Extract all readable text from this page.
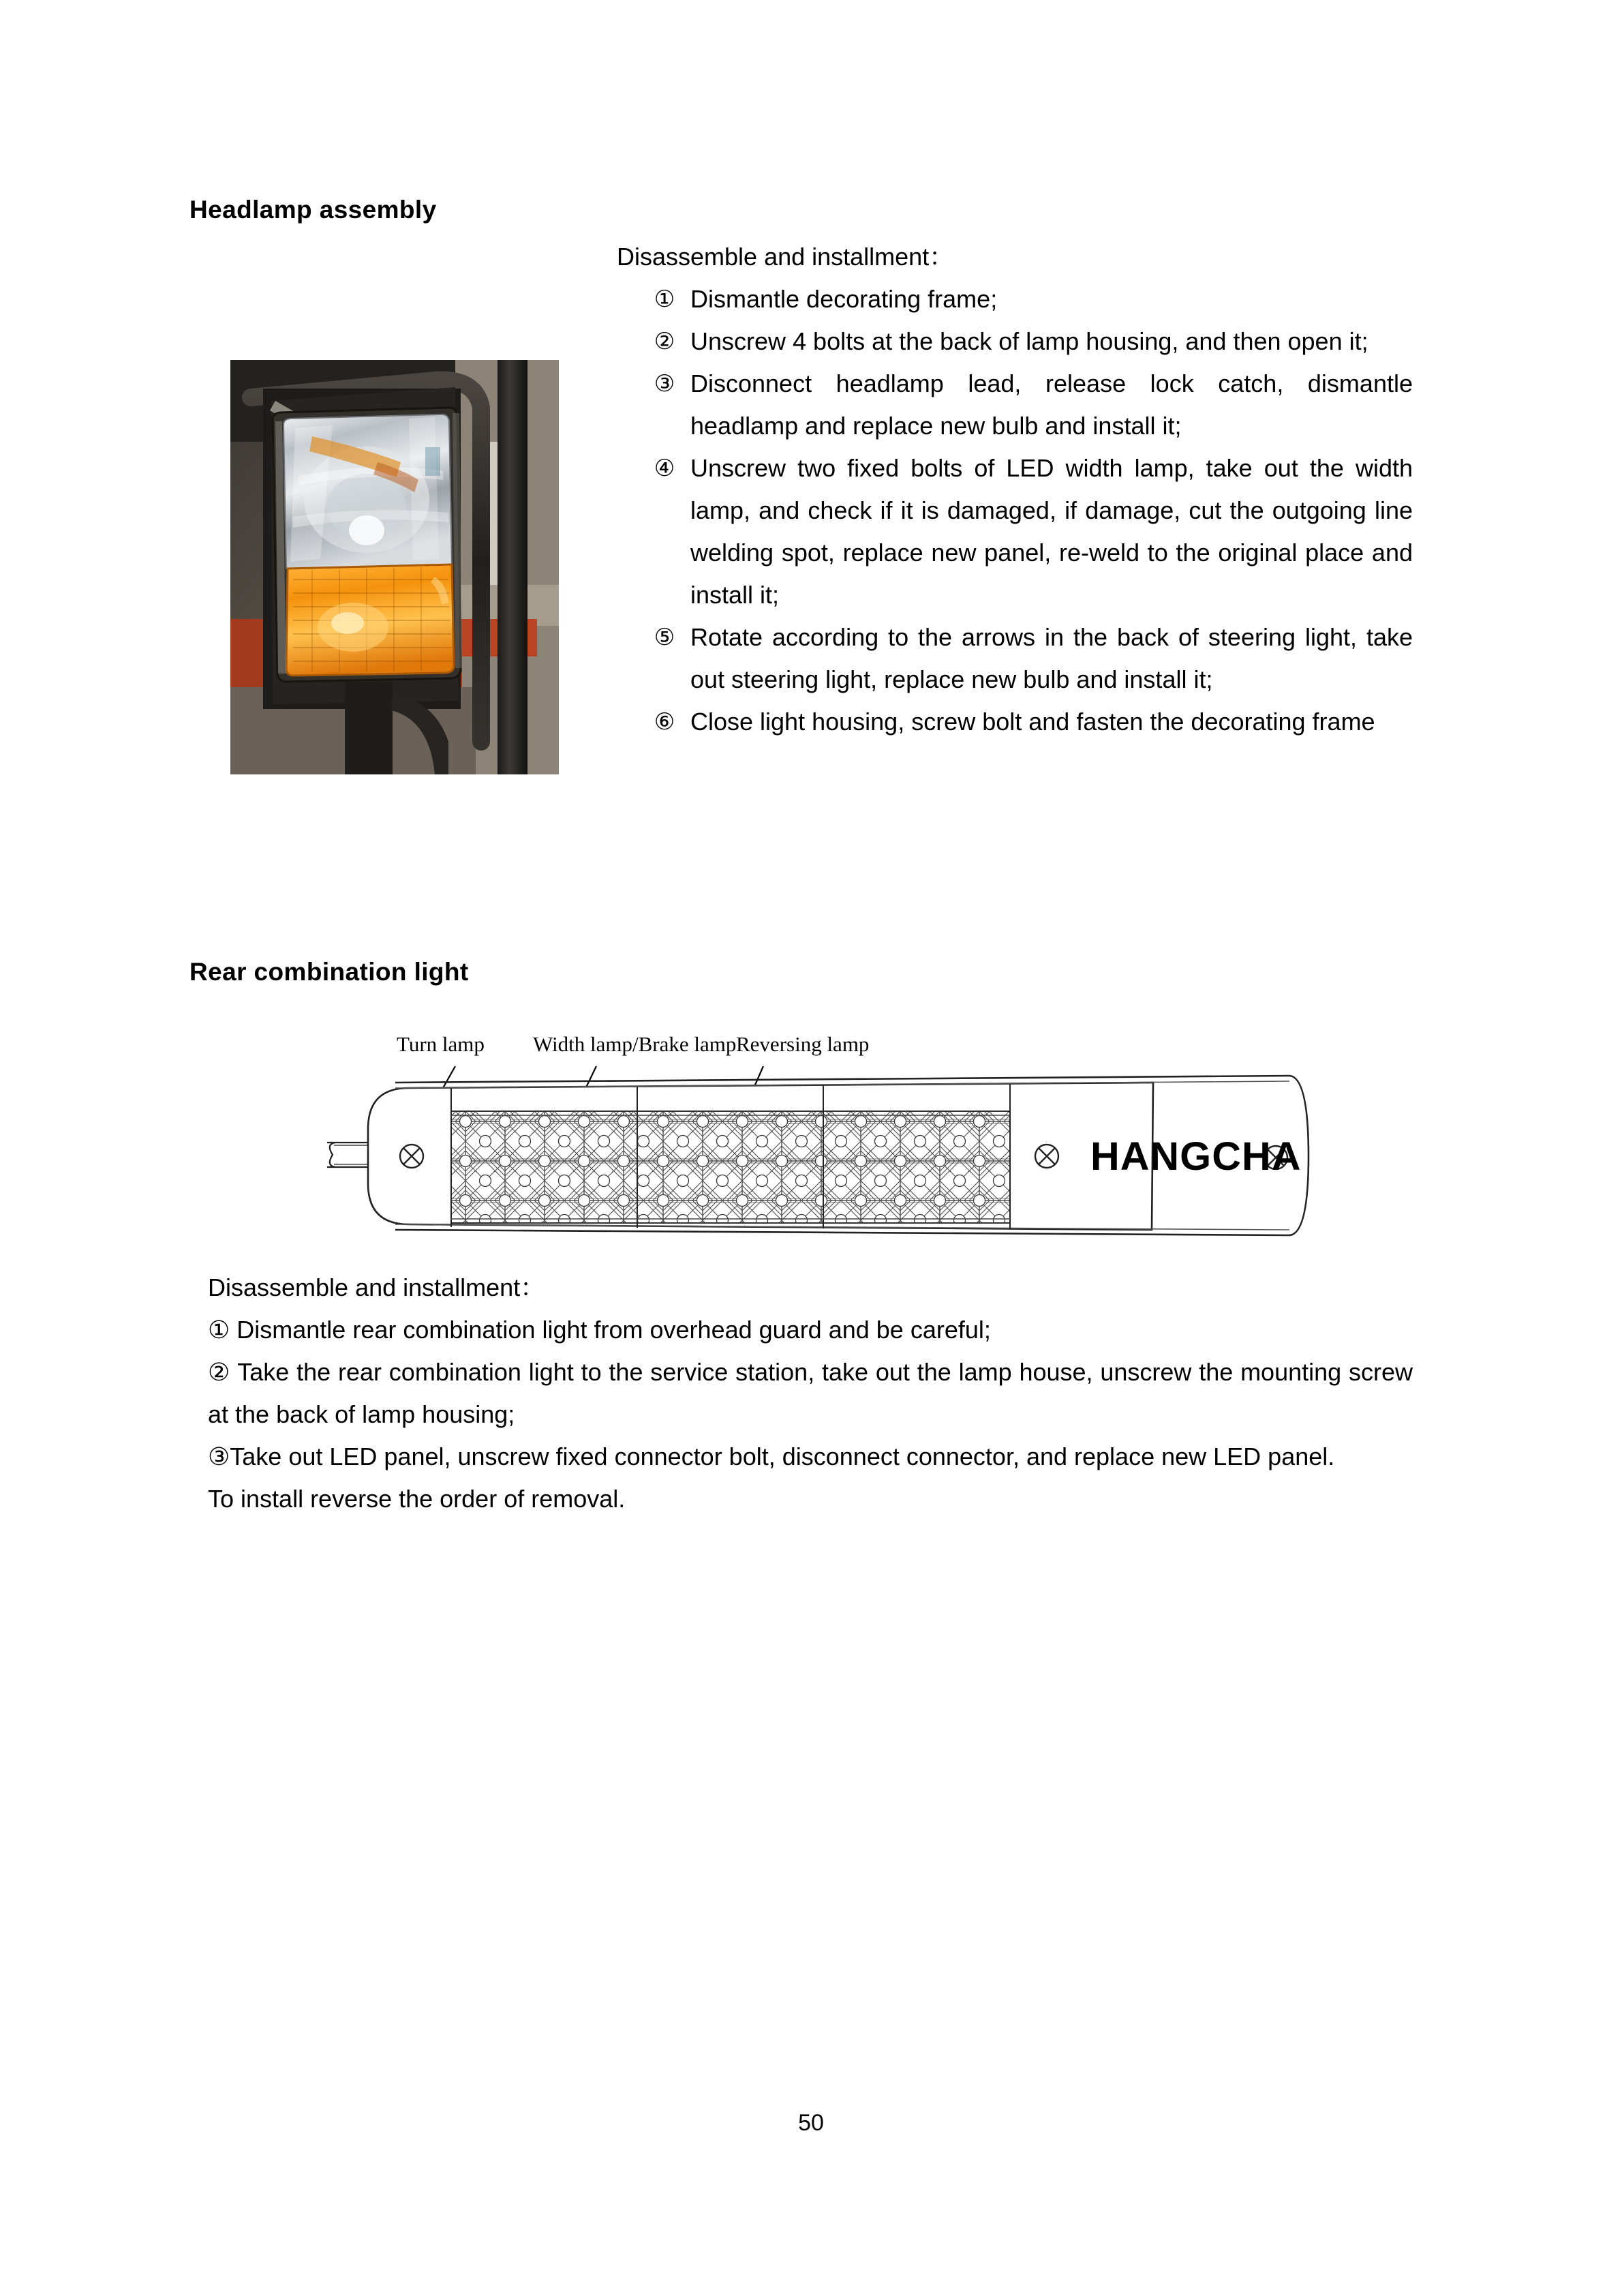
Headlamp assembly
Disassemble and installment：
① Dismantle decorating frame;
② Unscrew 4 bolts at the back of lamp housing, and then open it;
③ Disconnect headlamp lead, release lock catch, dismantle headlamp and replace new bulb and install it;
④ Unscrew two fixed bolts of LED width lamp, take out the width lamp, and check if it is damaged, if damage, cut the outgoing line welding spot, replace new panel, re-weld to the original place and install it;
⑤ Rotate according to the arrows in the back of steering light, take out steering light, replace new bulb and install it;
⑥ Close light housing, screw bolt and fasten the decorating frame
Rear combination light
Turn lamp Width lamp/Brake lamp Reversing lamp
HANGCHA

Disassemble and installment：

① Dismantle rear combination light from overhead guard and be careful;

② Take the rear combination light to the service station, take out the lamp house, unscrew the mounting screw at the back of lamp housing;

③Take out LED panel, unscrew fixed connector bolt, disconnect connector, and replace new LED panel.

To install reverse the order of removal.

50
